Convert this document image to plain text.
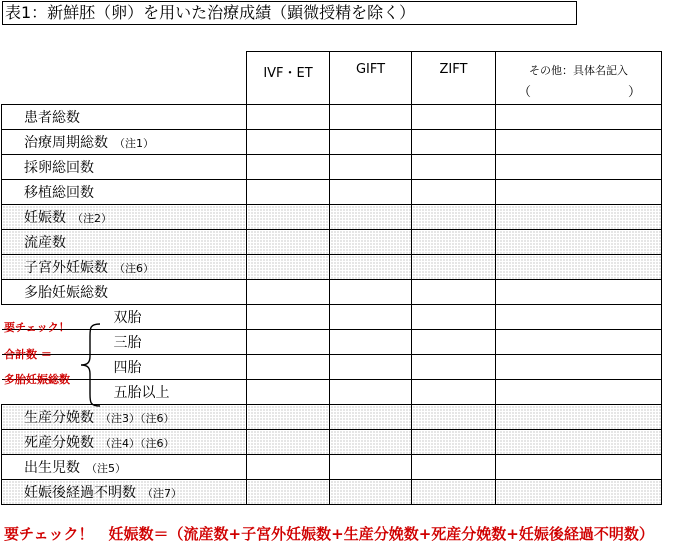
表1：新鮮胚（卵）を用いた治療成績（顕微授精を除く）
	IVF・ET	GIFT	ZIFT	その他：具体名記入
（ ）

患者総数				
治療周期総数 （注1）				
採卵総回数				
移植総回数				
妊娠数 （注2）				
流産数				
子宮外妊娠数 （注6）				
多胎妊娠総数				
双胎				
三胎				
四胎				
五胎以上				
生産分娩数 （注3）（注6）				
死産分娩数 （注4）（注6）				
出生児数 （注5）				
妊娠後経過不明数 （注7）				
要チェック！
合計数 ＝
多胎妊娠総数
要チェック！　妊娠数＝（流産数+子宮外妊娠数+生産分娩数+死産分娩数+妊娠後経過不明数）
